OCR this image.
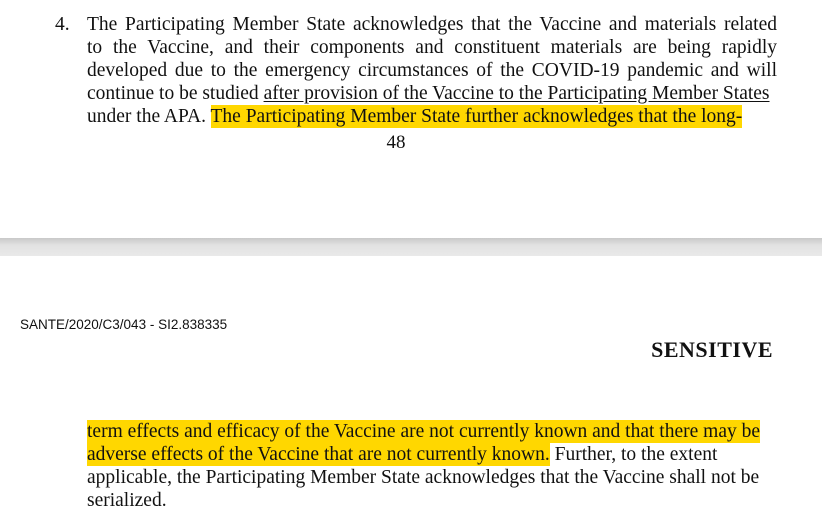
4. The Participating Member State acknowledges that the Vaccine and materials related
to the Vaccine, and their components and constituent materials are being rapidly
developed due to the emergency circumstances of the COVID-19 pandemic and will
continue to be studied after provision of the Vaccine to the Participating Member States
under the APA. The Participating Member State further acknowledges that the long-
48
SANTE/2020/C3/043 - SI2.838335
SENSITIVE
term effects and efficacy of the Vaccine are not currently known and that there may be
adverse effects of the Vaccine that are not currently known. Further, to the extent
applicable, the Participating Member State acknowledges that the Vaccine shall not be
serialized.
